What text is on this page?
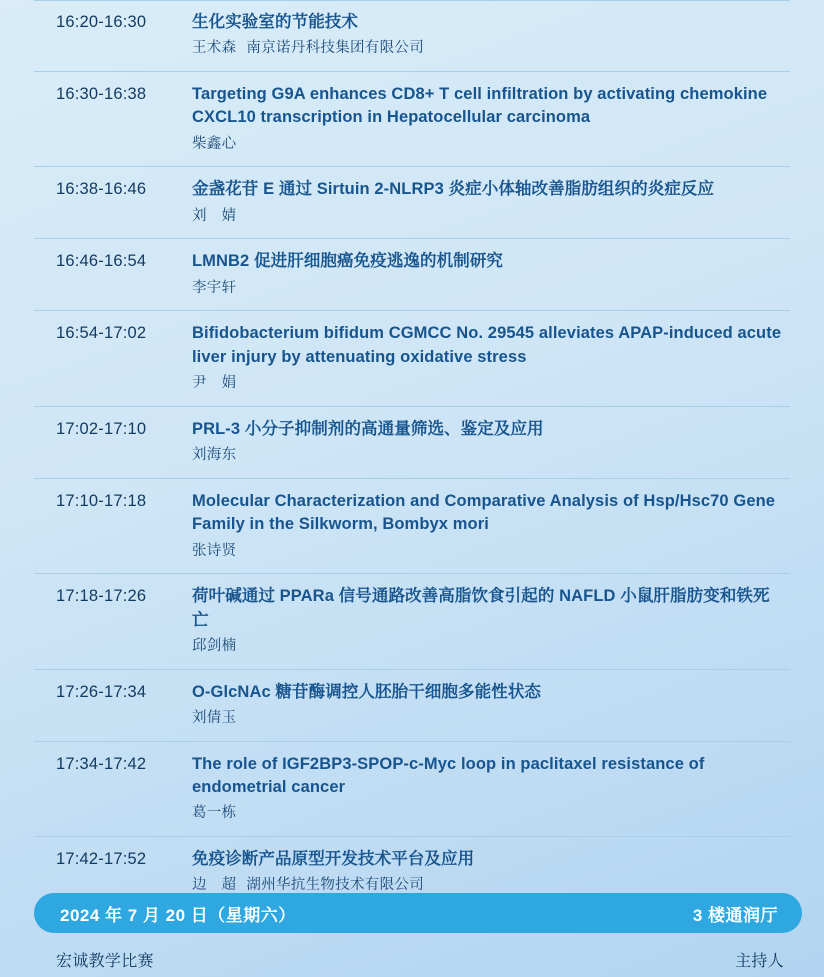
16:20-16:30	生化实验室的节能技术
王术森 南京诺丹科技集团有限公司
16:30-16:38	Targeting G9A enhances CD8+ T cell infiltration by activating chemokine CXCL10 transcription in Hepatocellular carcinoma
柴鑫心
16:38-16:46	金盏花苷 E 通过 Sirtuin 2-NLRP3 炎症小体轴改善脂肪组织的炎症反应
刘　婧
16:46-16:54	LMNB2 促进肝细胞癌免疫逃逸的机制研究
李宇轩
16:54-17:02	Bifidobacterium bifidum CGMCC No. 29545 alleviates APAP-induced acute liver injury by attenuating oxidative stress
尹　娟
17:02-17:10	PRL-3 小分子抑制剂的高通量筛选、鉴定及应用
刘海东
17:10-17:18	Molecular Characterization and Comparative Analysis of Hsp/Hsc70 Gene Family in the Silkworm, Bombyx mori
张诗贤
17:18-17:26	荷叶碱通过 PPARa 信号通路改善高脂饮食引起的 NAFLD 小鼠肝脂肪变和铁死亡
邱剑楠
17:26-17:34	O-GlcNAc 糖苷酶调控人胚胎干细胞多能性状态
刘倩玉
17:34-17:42	The role of IGF2BP3-SPOP-c-Myc loop in paclitaxel resistance of endometrial cancer
葛一栋
17:42-17:52	免疫诊断产品原型开发技术平台及应用
边　超 湖州华抗生物技术有限公司
2024 年 7 月 20 日（星期六）	3 楼通润厅
宏诚教学比赛	主持人
